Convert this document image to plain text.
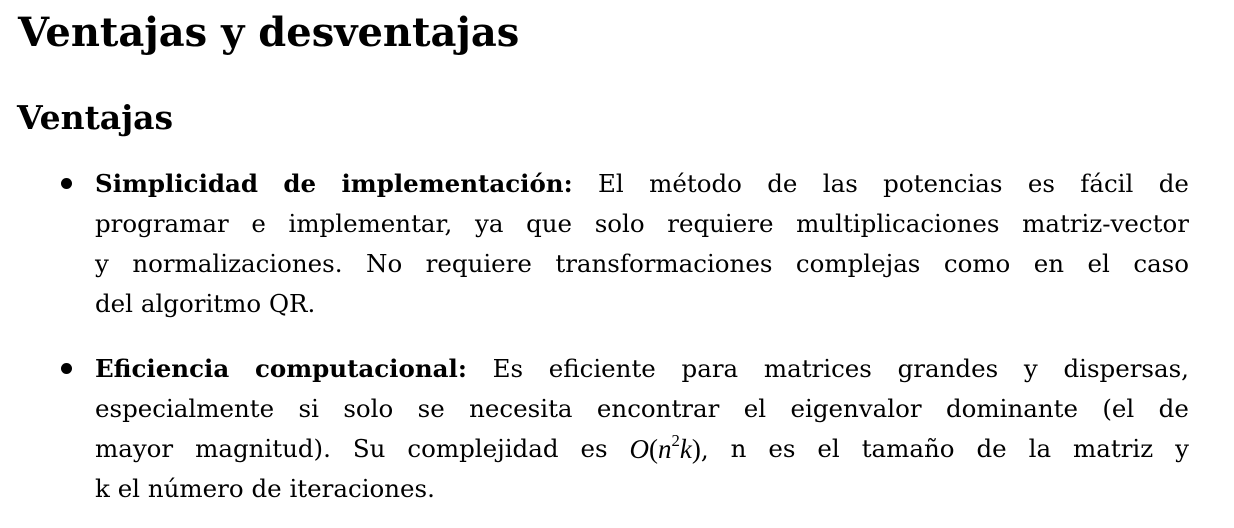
Ventajas y desventajas
Ventajas
Simplicidad de implementación: El método de las potencias es fácil de
programar e implementar, ya que solo requiere multiplicaciones matriz-vector
y normalizaciones. No requiere transformaciones complejas como en el caso
del algoritmo QR.
Eficiencia computacional: Es eficiente para matrices grandes y dispersas,
especialmente si solo se necesita encontrar el eigenvalor dominante (el de
mayor magnitud). Su complejidad es $O(n^2k)$, n es el tamaño de la matriz y
k el número de iteraciones.
